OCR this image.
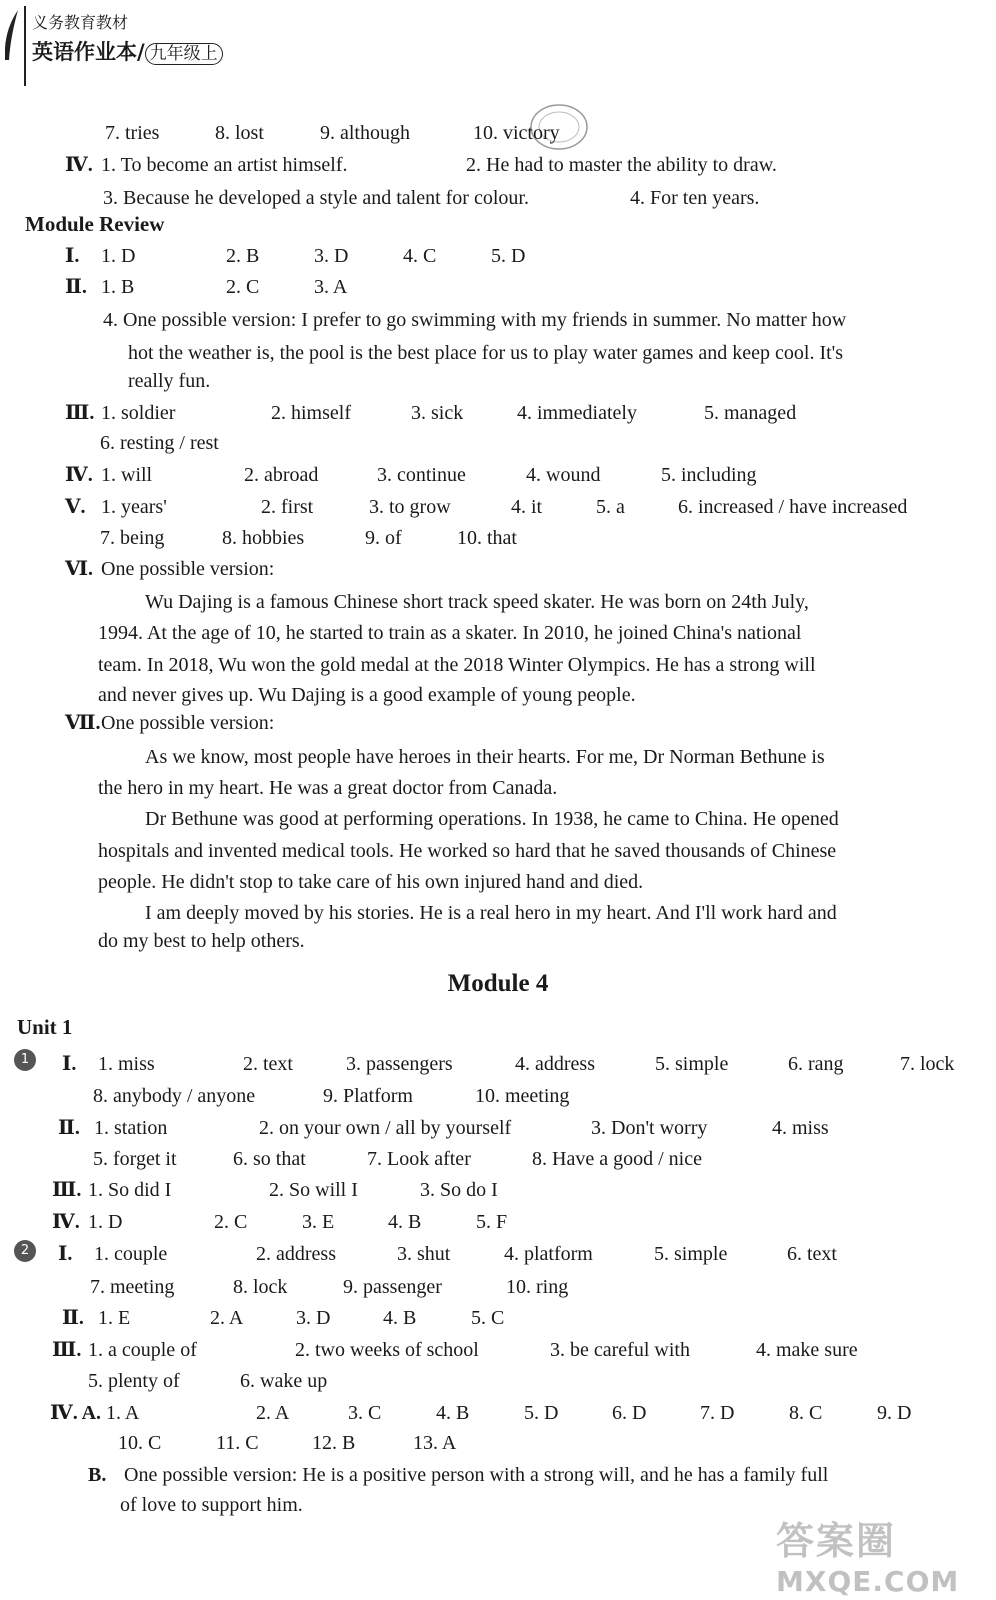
义务教育教材
英语作业本/ 九年级上
7. tries	8. lost	9. although	10. victory
Ⅳ. 1. To become an artist himself.	2. He had to master the ability to draw.
3. Because he developed a style and talent for colour.	4. For ten years.
Module Review
Ⅰ. 1. D	2. B	3. D	4. C	5. D
Ⅱ. 1. B	2. C	3. A
4. One possible version: I prefer to go swimming with my friends in summer. No matter how
hot the weather is, the pool is the best place for us to play water games and keep cool. It's
really fun.
Ⅲ. 1. soldier	2. himself	3. sick	4. immediately	5. managed
6. resting / rest
Ⅳ. 1. will	2. abroad	3. continue	4. wound	5. including
Ⅴ. 1. years'	2. first	3. to grow	4. it	5. a	6. increased / have increased
7. being	8. hobbies	9. of	10. that
Ⅵ. One possible version:
Wu Dajing is a famous Chinese short track speed skater. He was born on 24th July,
1994. At the age of 10, he started to train as a skater. In 2010, he joined China's national
team. In 2018, Wu won the gold medal at the 2018 Winter Olympics. He has a strong will
and never gives up. Wu Dajing is a good example of young people.
Ⅶ. One possible version:
As we know, most people have heroes in their hearts. For me, Dr Norman Bethune is
the hero in my heart. He was a great doctor from Canada.
Dr Bethune was good at performing operations. In 1938, he came to China. He opened
hospitals and invented medical tools. He worked so hard that he saved thousands of Chinese
people. He didn't stop to take care of his own injured hand and died.
I am deeply moved by his stories. He is a real hero in my heart. And I'll work hard and
do my best to help others.
Unit 1
Ⅰ. 1. miss	2. text	3. passengers	4. address	5. simple	6. rang	7. lock
8. anybody / anyone	9. Platform	10. meeting
Ⅱ. 1. station	2. on your own / all by yourself	3. Don't worry	4. miss
5. forget it	6. so that	7. Look after	8. Have a good / nice
Ⅲ. 1. So did I	2. So will I	3. So do I
Ⅳ. 1. D	2. C	3. E	4. B	5. F
Ⅰ. 1. couple	2. address	3. shut	4. platform	5. simple	6. text
7. meeting	8. lock	9. passenger	10. ring
Ⅱ. 1. E	2. A	3. D	4. B	5. C
Ⅲ. 1. a couple of	2. two weeks of school	3. be careful with	4. make sure
5. plenty of	6. wake up
Ⅳ. A. 1. A	2. A	3. C	4. B	5. D	6. D	7. D	8. C	9. D
10. C	11. C	12. B	13. A
B. One possible version: He is a positive person with a strong will, and he has a family full
of love to support him.
Module 4
1
2
答案圈
MXQE.COM
